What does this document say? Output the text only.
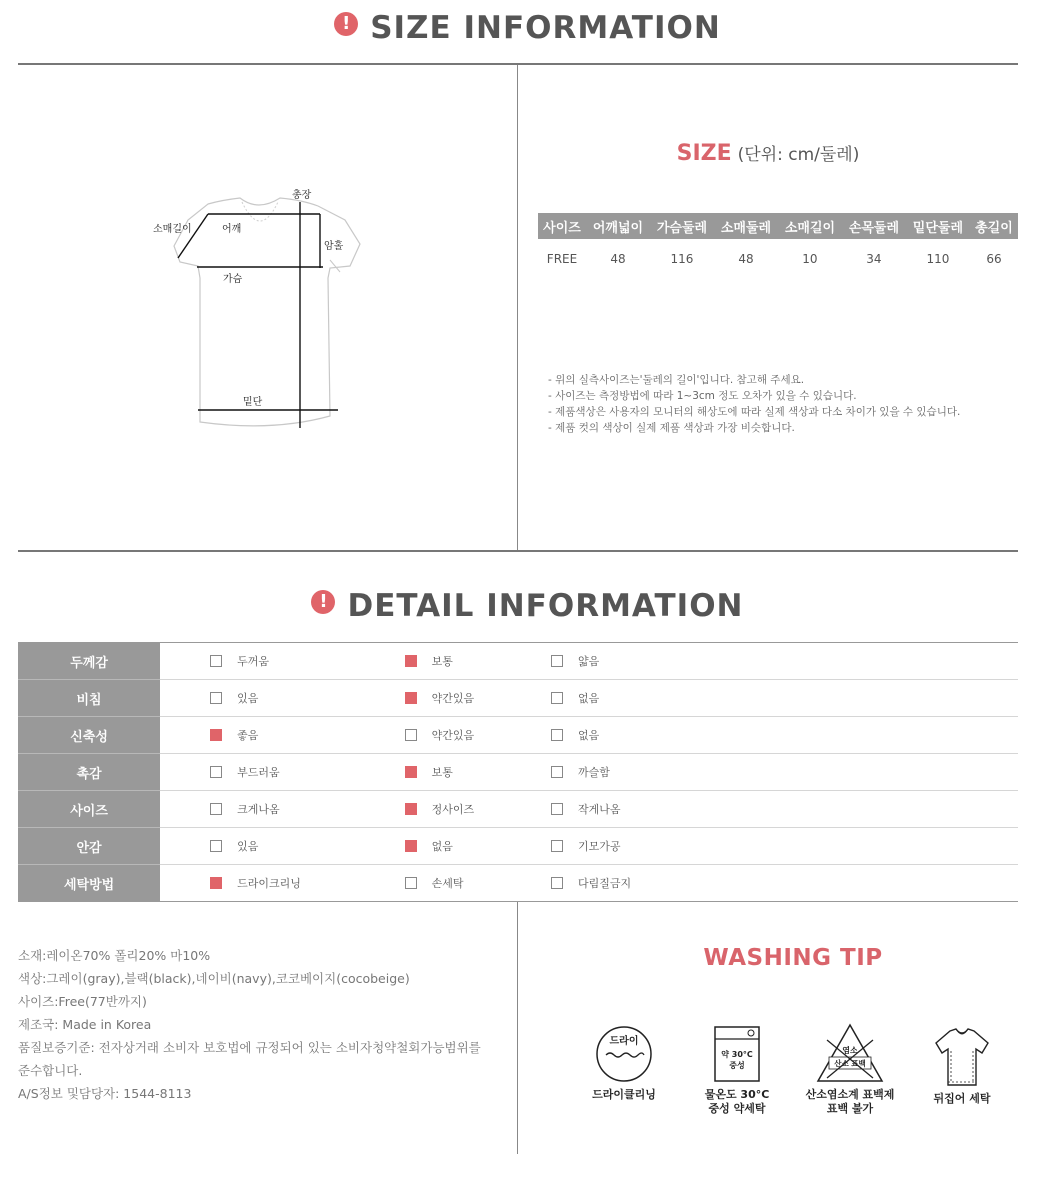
! SIZE INFORMATION
총장
소매길이	어깨
암홀
가슴
밑단
SIZE (단위: cm/둘레)
사이즈	어깨넓이	가슴둘레	소매둘레	소매길이	손목둘레	밑단둘레	총길이
FREE	48	116	48	10	34	110	66
- 위의 실측사이즈는'둘레의 길이'입니다. 참고해 주세요.
- 사이즈는 측정방법에 따라 1~3cm 정도 오차가 있을 수 있습니다.
- 제품색상은 사용자의 모니터의 해상도에 따라 실제 색상과 다소 차이가 있을 수 있습니다.
- 제품 컷의 색상이 실제 제품 색상과 가장 비슷합니다.
! DETAIL INFORMATION
두께감	두꺼움	보통	얇음

비침	있음	약간있음	없음

신축성	좋음	약간있음	없음

촉감	부드러움	보통	까슬함

사이즈	크게나옴	정사이즈	작게나옴

안감	있음	없음	기모가공

세탁방법	드라이크리닝	손세탁	다림질금지
소재:레이온70% 폴리20% 마10%
색상:그레이(gray),블랙(black),네이비(navy),코코베이지(cocobeige)
사이즈:Free(77반까지)
제조국: Made in Korea
품질보증기준: 전자상거래 소비자 보호법에 규정되어 있는 소비자청약철회가능범위를
준수합니다.
A/S정보 및담당자: 1544-8113
WASHING TIP
드라이
약 30°C
중성
염소
산소 표백
드라이클리닝	물온도 30°C
중성 약세탁
산소염소계 표백제
표백 불가
뒤집어 세탁
